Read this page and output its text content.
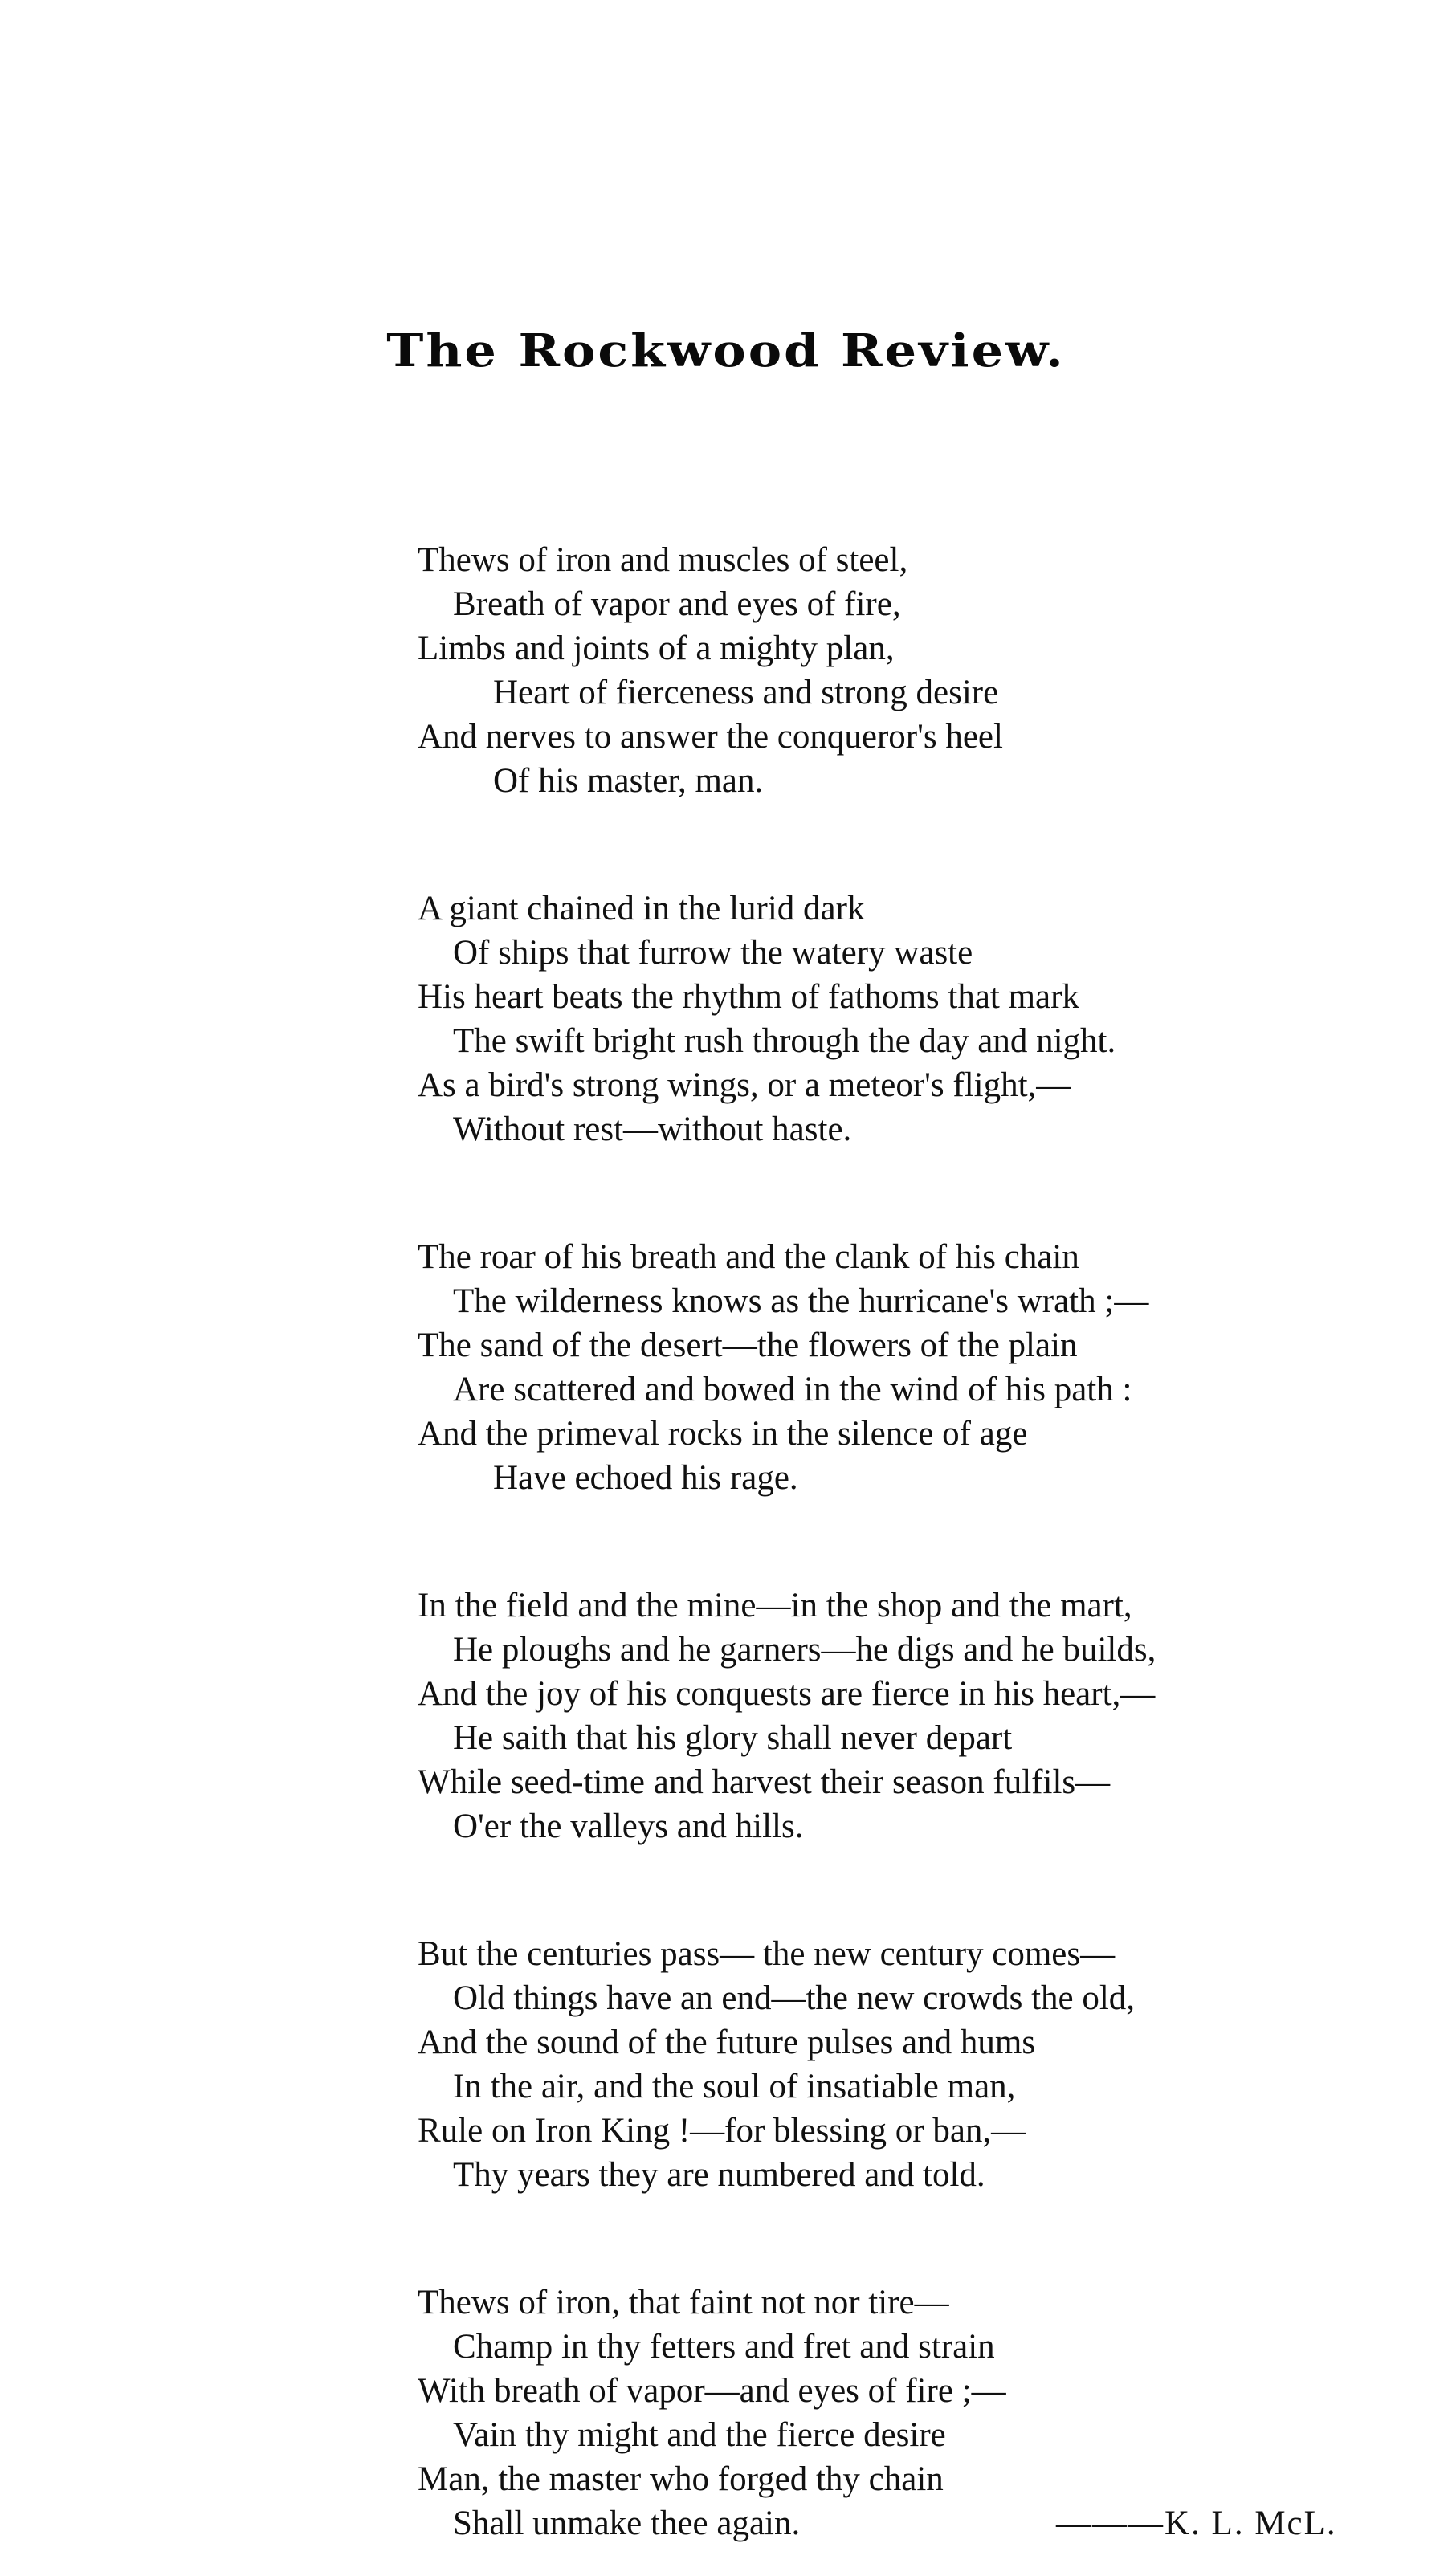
The Rockwood Review.
Thews of iron and muscles of steel,
Breath of vapor and eyes of fire,
Limbs and joints of a mighty plan,
Heart of fierceness and strong desire
And nerves to answer the conqueror's heel
Of his master, man.
A giant chained in the lurid dark
Of ships that furrow the watery waste
His heart beats the rhythm of fathoms that mark
The swift bright rush through the day and night.
As a bird's strong wings, or a meteor's flight,—
Without rest—without haste.
The roar of his breath and the clank of his chain
The wilderness knows as the hurricane's wrath ;—
The sand of the desert—the flowers of the plain
Are scattered and bowed in the wind of his path :
And the primeval rocks in the silence of age
Have echoed his rage.
In the field and the mine—in the shop and the mart,
He ploughs and he garners—he digs and he builds,
And the joy of his conquests are fierce in his heart,—
He saith that his glory shall never depart
While seed-time and harvest their season fulfils—
O'er the valleys and hills.
But the centuries pass— the new century comes—
Old things have an end—the new crowds the old,
And the sound of the future pulses and hums
In the air, and the soul of insatiable man,
Rule on Iron King !—for blessing or ban,—
Thy years they are numbered and told.
Thews of iron, that faint not nor tire—
Champ in thy fetters and fret and strain
With breath of vapor—and eyes of fire ;—
Vain thy might and the fierce desire
Man, the master who forged thy chain
Shall unmake thee again.	———K. L. McL.
